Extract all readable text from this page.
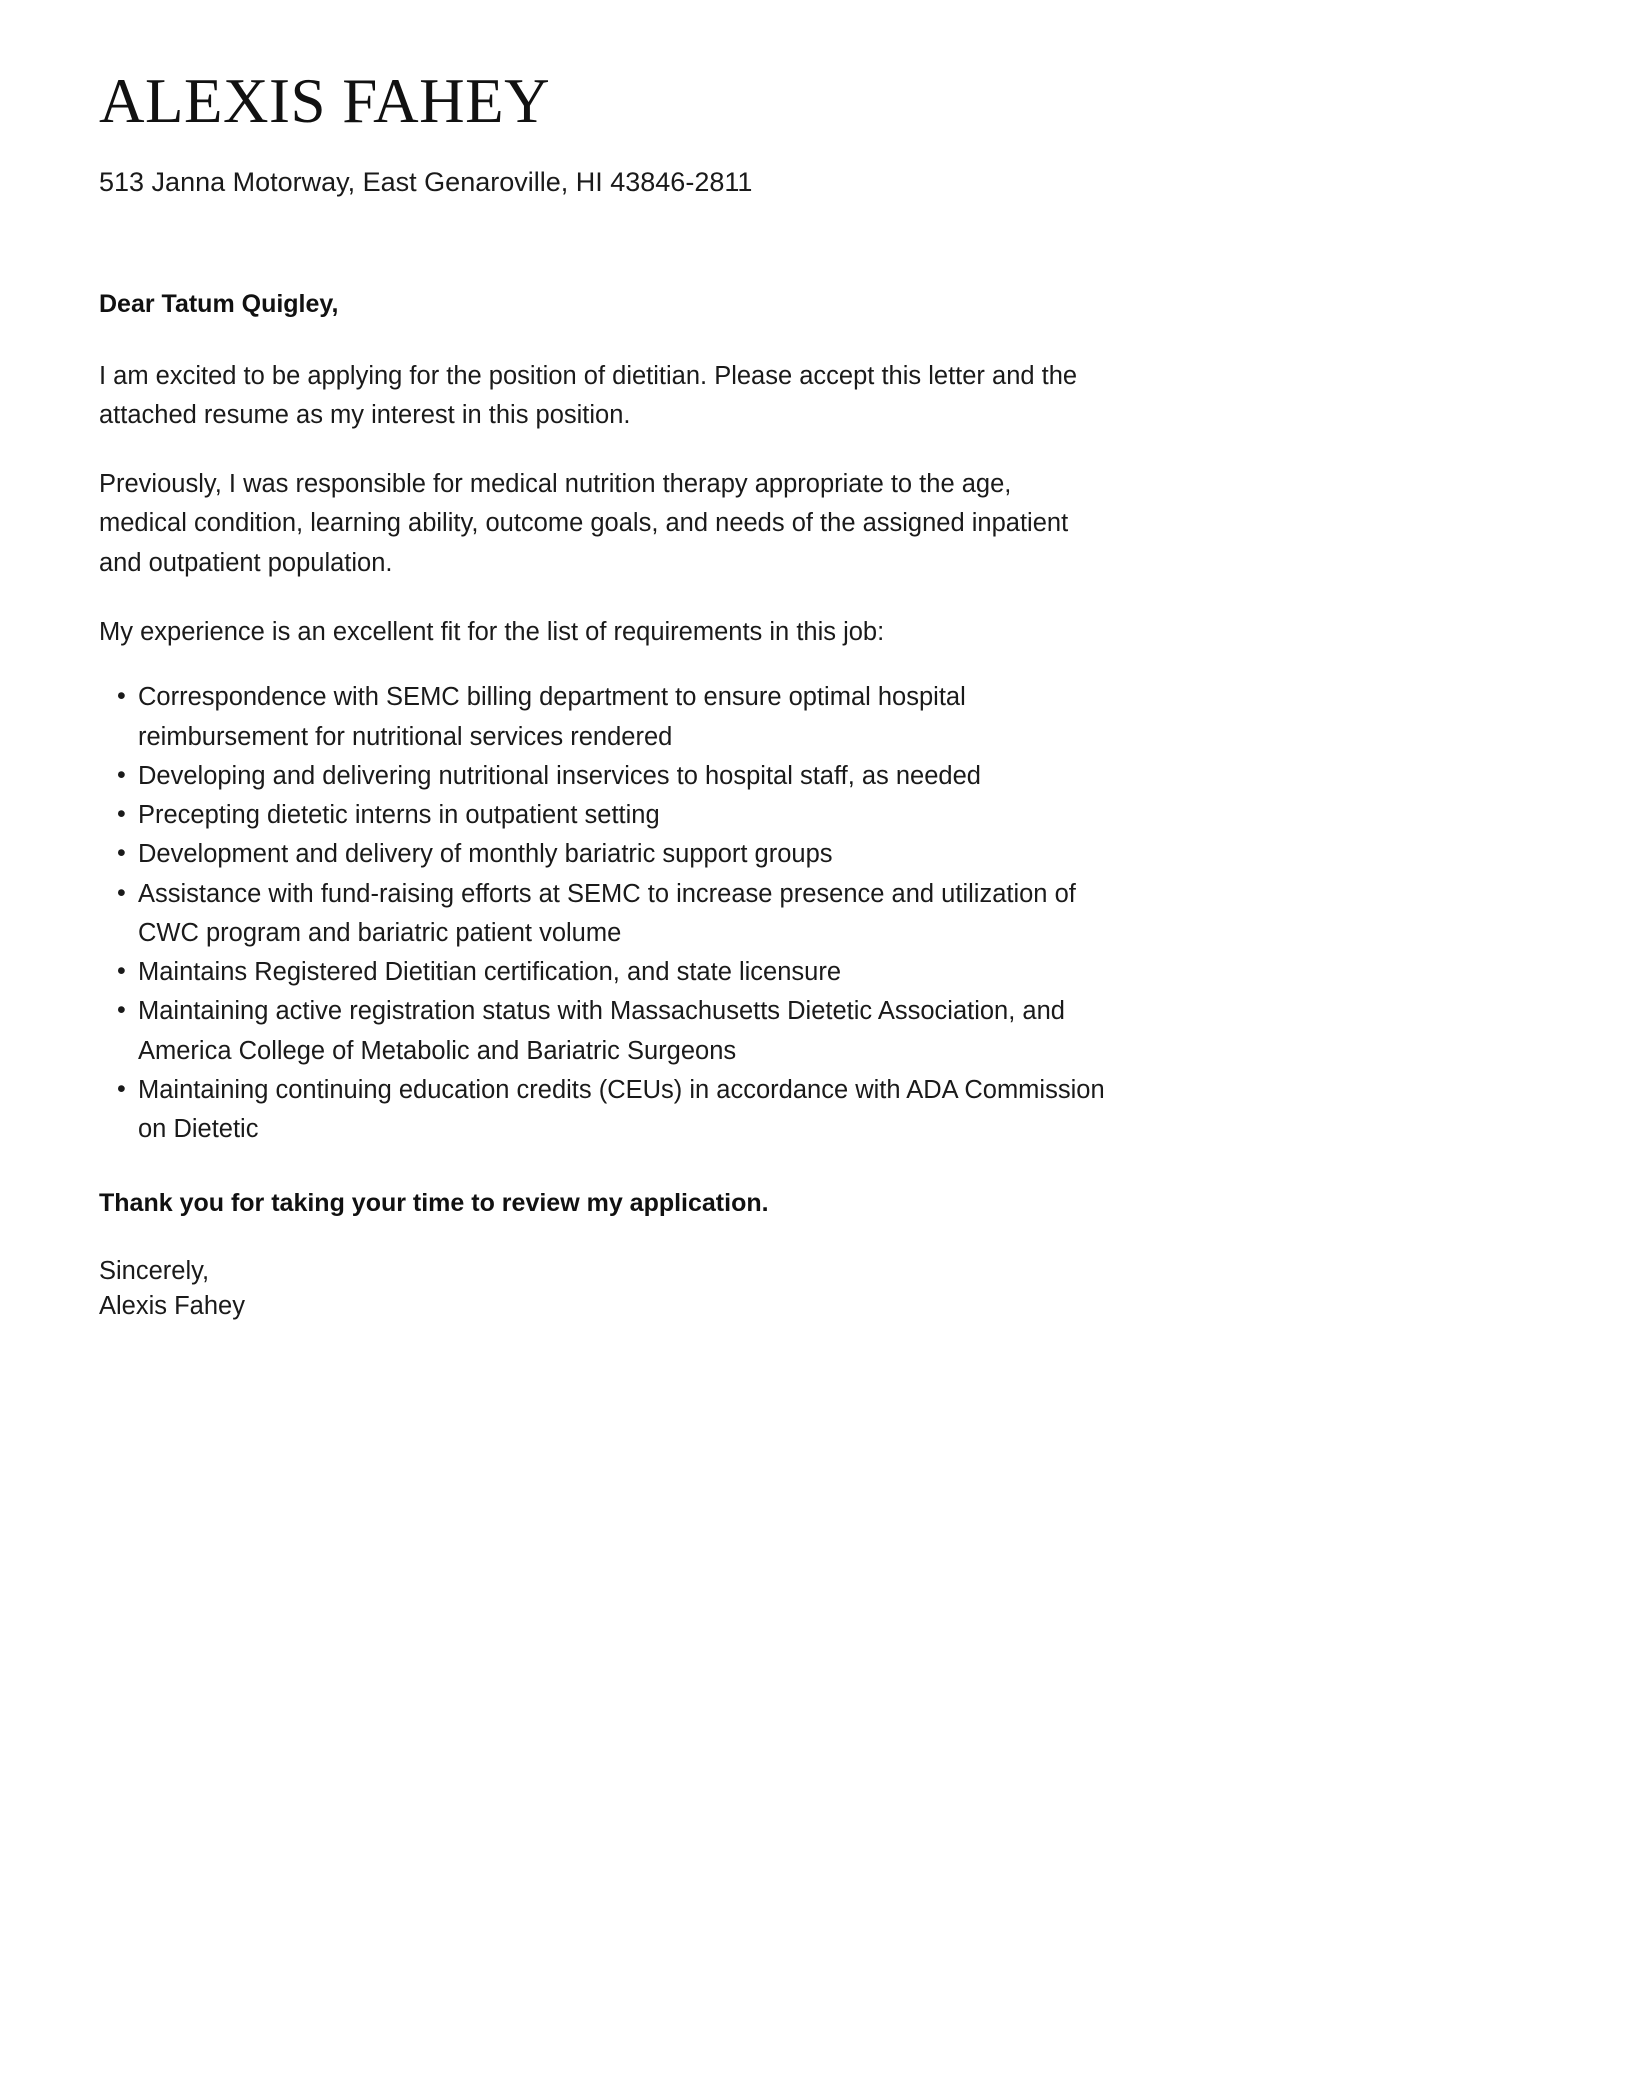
ALEXIS FAHEY
513 Janna Motorway, East Genaroville, HI 43846-2811

Dear Tatum Quigley,

I am excited to be applying for the position of dietitian. Please accept this letter and the attached resume as my interest in this position.

Previously, I was responsible for medical nutrition therapy appropriate to the age, medical condition, learning ability, outcome goals, and needs of the assigned inpatient and outpatient population.

My experience is an excellent fit for the list of requirements in this job:

• Correspondence with SEMC billing department to ensure optimal hospital reimbursement for nutritional services rendered
• Developing and delivering nutritional inservices to hospital staff, as needed
• Precepting dietetic interns in outpatient setting
• Development and delivery of monthly bariatric support groups
• Assistance with fund-raising efforts at SEMC to increase presence and utilization of CWC program and bariatric patient volume
• Maintains Registered Dietitian certification, and state licensure
• Maintaining active registration status with Massachusetts Dietetic Association, and America College of Metabolic and Bariatric Surgeons
• Maintaining continuing education credits (CEUs) in accordance with ADA Commission on Dietetic

Thank you for taking your time to review my application.

Sincerely,
Alexis Fahey
